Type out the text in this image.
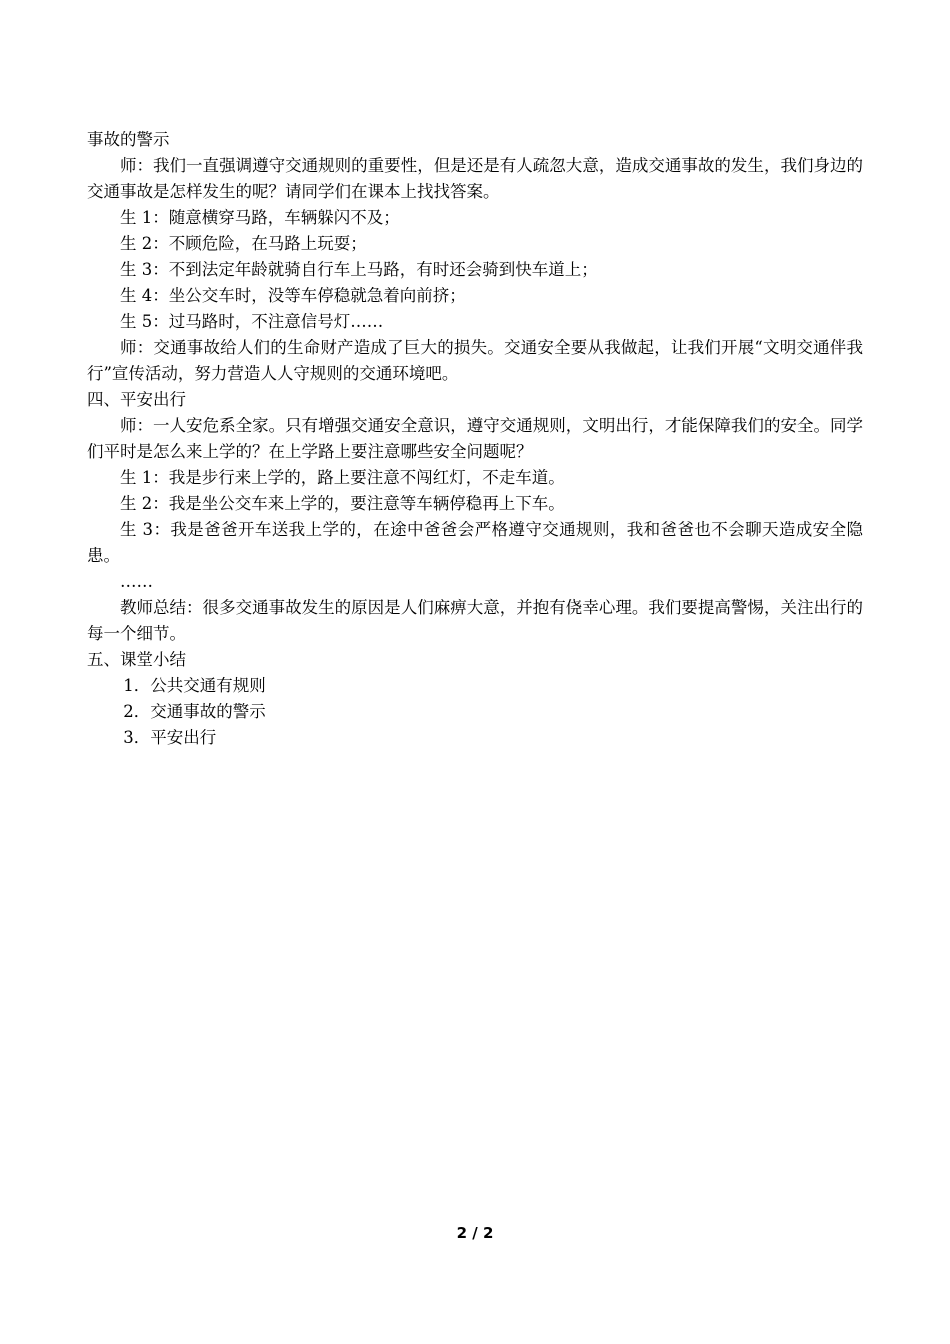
事故的警示

师：我们一直强调遵守交通规则的重要性，但是还是有人疏忽大意，造成交通事故的发生，我们身边的交通事故是怎样发生的呢？请同学们在课本上找找答案。

生 1：随意横穿马路，车辆躲闪不及；

生 2：不顾危险，在马路上玩耍；

生 3：不到法定年龄就骑自行车上马路，有时还会骑到快车道上；

生 4：坐公交车时，没等车停稳就急着向前挤；

生 5：过马路时，不注意信号灯……

师：交通事故给人们的生命财产造成了巨大的损失。交通安全要从我做起，让我们开展“文明交通伴我行”宣传活动，努力营造人人守规则的交通环境吧。

四、平安出行

师：一人安危系全家。只有增强交通安全意识，遵守交通规则，文明出行，才能保障我们的安全。同学们平时是怎么来上学的？在上学路上要注意哪些安全问题呢？

生 1：我是步行来上学的，路上要注意不闯红灯，不走车道。

生 2：我是坐公交车来上学的，要注意等车辆停稳再上下车。

生 3：我是爸爸开车送我上学的，在途中爸爸会严格遵守交通规则，我和爸爸也不会聊天造成安全隐患。

……

教师总结：很多交通事故发生的原因是人们麻痹大意，并抱有侥幸心理。我们要提高警惕，关注出行的每一个细节。

五、课堂小结

1．公共交通有规则

2．交通事故的警示

3．平安出行

2 / 2
